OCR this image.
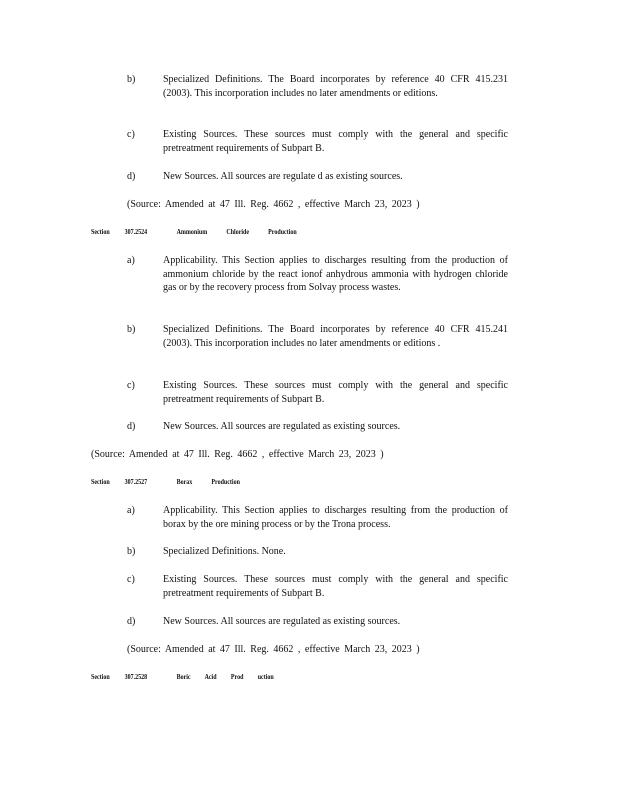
b)	Specialized Definitions. The Board incorporates by reference 40 CFR 415.231 (2003). This incorporation includes no later amendments or editions.
c)	Existing Sources. These sources must comply with the general and specific pretreatment requirements of Subpart B.
d)	New Sources. All sources are regulate d as existing sources.
(Source: Amended at 47 Ill. Reg. 4662 , effective March 23, 2023 )
Section 307.2524	Ammonium Chloride Production
a)	Applicability. This Section applies to discharges resulting from the production of ammonium chloride by the react ionof anhydrous ammonia with hydrogen chloride gas or by the recovery process from Solvay process wastes.
b)	Specialized Definitions. The Board incorporates by reference 40 CFR 415.241 (2003). This incorporation includes no later amendments or editions .
c)	Existing Sources. These sources must comply with the general and specific pretreatment requirements of Subpart B.
d)	New Sources. All sources are regulated as existing sources.
(Source: Amended at 47 Ill. Reg. 4662 , effective March 23, 2023 )
Section 307.2527	Borax Production
a)	Applicability. This Section applies to discharges resulting from the production of borax by the ore mining process or by the Trona process.
b)	Specialized Definitions. None.
c)	Existing Sources. These sources must comply with the general and specific pretreatment requirements of Subpart B.
d)	New Sources. All sources are regulated as existing sources.
(Source: Amended at 47 Ill. Reg. 4662 , effective March 23, 2023 )
Section 307.2528	Boric Acid Prod uction
